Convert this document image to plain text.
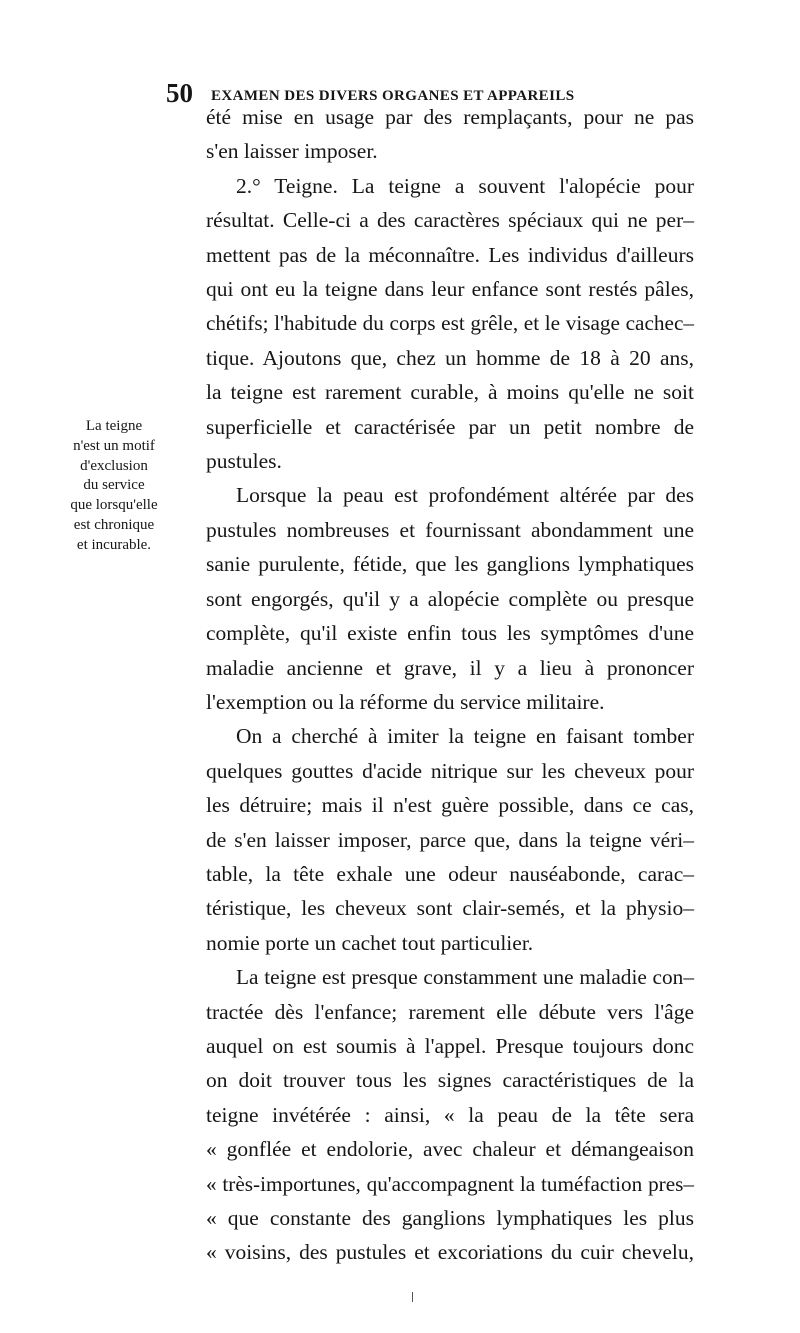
50 EXAMEN DES DIVERS ORGANES ET APPAREILS
La teigne
n'est un motif
d'exclusion
du service
que lorsqu'elle
est chronique
et incurable.
été mise en usage par des remplaçants, pour ne pas
s'en laisser imposer.
2.° Teigne. La teigne a souvent l'alopécie pour
résultat. Celle-ci a des caractères spéciaux qui ne per–
mettent pas de la méconnaître. Les individus d'ailleurs
qui ont eu la teigne dans leur enfance sont restés pâles,
chétifs; l'habitude du corps est grêle, et le visage cachec–
tique. Ajoutons que, chez un homme de 18 à 20 ans,
la teigne est rarement curable, à moins qu'elle ne soit
superficielle et caractérisée par un petit nombre de
pustules.
Lorsque la peau est profondément altérée par des
pustules nombreuses et fournissant abondamment une
sanie purulente, fétide, que les ganglions lymphatiques
sont engorgés, qu'il y a alopécie complète ou presque
complète, qu'il existe enfin tous les symptômes d'une
maladie ancienne et grave, il y a lieu à prononcer
l'exemption ou la réforme du service militaire.
On a cherché à imiter la teigne en faisant tomber
quelques gouttes d'acide nitrique sur les cheveux pour
les détruire; mais il n'est guère possible, dans ce cas,
de s'en laisser imposer, parce que, dans la teigne véri–
table, la tête exhale une odeur nauséabonde, carac–
téristique, les cheveux sont clair-semés, et la physio–
nomie porte un cachet tout particulier.
La teigne est presque constamment une maladie con–
tractée dès l'enfance; rarement elle débute vers l'âge
auquel on est soumis à l'appel. Presque toujours donc
on doit trouver tous les signes caractéristiques de la
teigne invétérée : ainsi, « la peau de la tête sera
« gonflée et endolorie, avec chaleur et démangeaison
« très-importunes, qu'accompagnent la tuméfaction pres–
« que constante des ganglions lymphatiques les plus
« voisins, des pustules et excoriations du cuir chevelu,
